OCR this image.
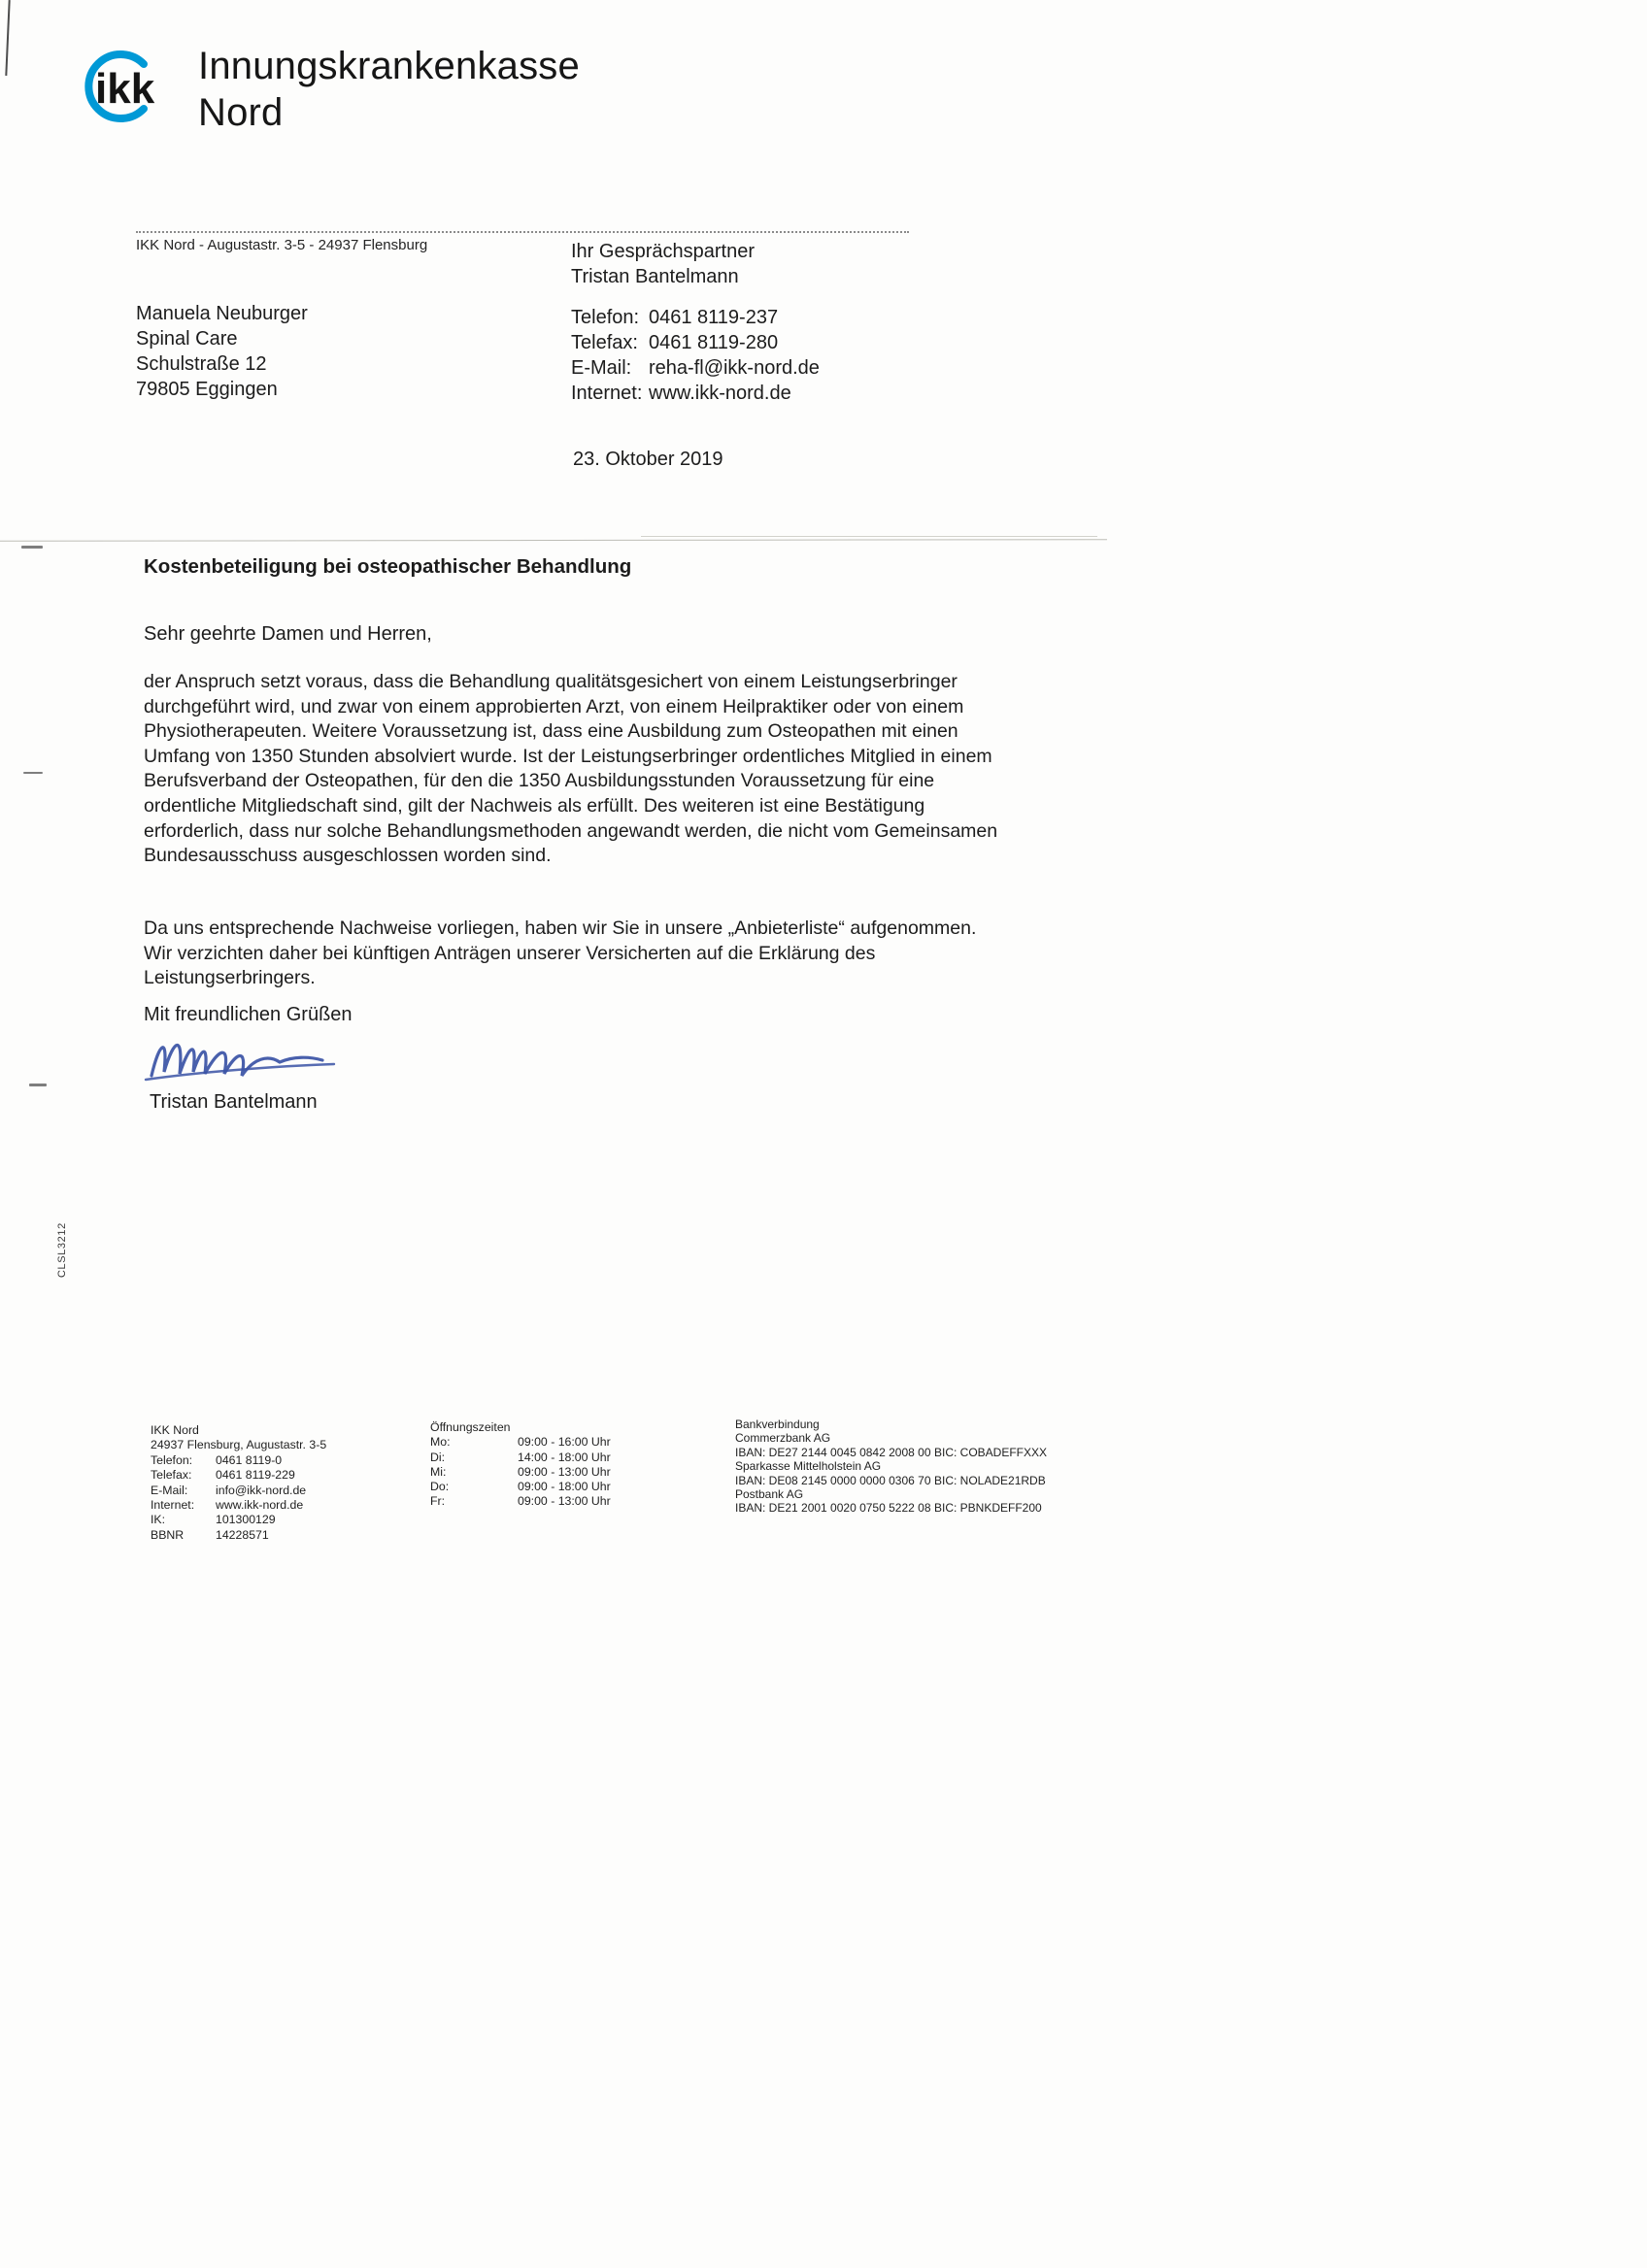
ikk Innungskrankenkasse
Nord
IKK Nord - Augustastr. 3-5 - 24937 Flensburg
Manuela Neuburger
Spinal Care
Schulstraße 12
79805 Eggingen
Ihr Gesprächspartner
Tristan Bantelmann
Telefon: 0461 8119-237
Telefax: 0461 8119-280
E-Mail: reha-fl@ikk-nord.de
Internet: www.ikk-nord.de
23. Oktober 2019
Kostenbeteiligung bei osteopathischer Behandlung
Sehr geehrte Damen und Herren,
der Anspruch setzt voraus, dass die Behandlung qualitätsgesichert von einem Leistungserbringer durchgeführt wird, und zwar von einem approbierten Arzt, von einem Heilpraktiker oder von einem Physiotherapeuten. Weitere Voraussetzung ist, dass eine Ausbildung zum Osteopathen mit einen Umfang von 1350 Stunden absolviert wurde. Ist der Leistungserbringer ordentliches Mitglied in einem Berufsverband der Osteopathen, für den die 1350 Ausbildungsstunden Voraussetzung für eine ordentliche Mitgliedschaft sind, gilt der Nachweis als erfüllt. Des weiteren ist eine Bestätigung erforderlich, dass nur solche Behandlungsmethoden angewandt werden, die nicht vom Gemeinsamen Bundesausschuss ausgeschlossen worden sind.
Da uns entsprechende Nachweise vorliegen, haben wir Sie in unsere „Anbieterliste“ aufgenommen. Wir verzichten daher bei künftigen Anträgen unserer Versicherten auf die Erklärung des Leistungserbringers.
Mit freundlichen Grüßen
Tristan Bantelmann
CLSL3212
IKK Nord
24937 Flensburg, Augustastr. 3-5
Telefon:	0461 8119-0
Telefax:	0461 8119-229
E-Mail:	info@ikk-nord.de
Internet:	www.ikk-nord.de
IK:	101300129
BBNR	14228571
Öffnungszeiten
Mo:	09:00 - 16:00 Uhr
Di:	14:00 - 18:00 Uhr
Mi:	09:00 - 13:00 Uhr
Do:	09:00 - 18:00 Uhr
Fr:	09:00 - 13:00 Uhr
Bankverbindung
Commerzbank AG
IBAN: DE27 2144 0045 0842 2008 00 BIC: COBADEFFXXX
Sparkasse Mittelholstein AG
IBAN: DE08 2145 0000 0000 0306 70 BIC: NOLADE21RDB
Postbank AG
IBAN: DE21 2001 0020 0750 5222 08 BIC: PBNKDEFF200
